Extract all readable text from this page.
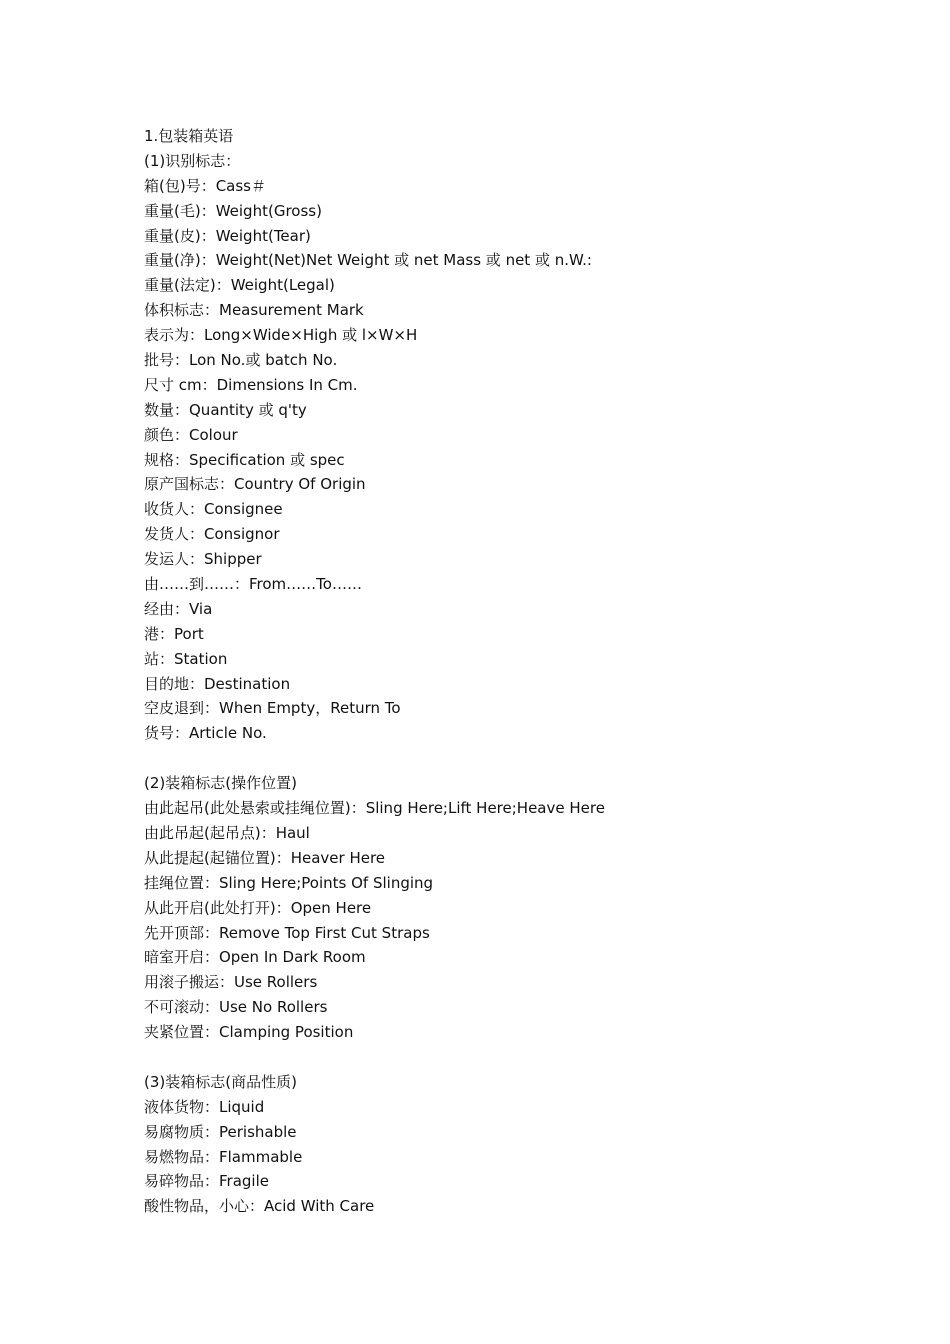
1.包装箱英语
(1)识别标志：
箱(包)号：Cass＃
重量(毛)：Weight(Gross)
重量(皮)：Weight(Tear)
重量(净)：Weight(Net)Net Weight 或 net Mass 或 net 或 n.W.:
重量(法定)：Weight(Legal)
体积标志：Measurement Mark
表示为：Long×Wide×High 或 l×W×H
批号：Lon No.或 batch No.
尺寸 cm：Dimensions In Cm.
数量：Quantity 或 q'ty
颜色：Colour
规格：Specification 或 spec
原产国标志：Country Of Origin
收货人：Consignee
发货人：Consignor
发运人：Shipper
由……到……：From……To……
经由：Via
港：Port
站：Station
目的地：Destination
空皮退到：When Empty，Return To
货号：Article No.
(2)装箱标志(操作位置)
由此起吊(此处悬索或挂绳位置)：Sling Here;Lift Here;Heave Here
由此吊起(起吊点)：Haul
从此提起(起锚位置)：Heaver Here
挂绳位置：Sling Here;Points Of Slinging
从此开启(此处打开)：Open Here
先开顶部：Remove Top First Cut Straps
暗室开启：Open In Dark Room
用滚子搬运：Use Rollers
不可滚动：Use No Rollers
夹紧位置：Clamping Position
(3)装箱标志(商品性质)
液体货物：Liquid
易腐物质：Perishable
易燃物品：Flammable
易碎物品：Fragile
酸性物品，小心：Acid With Care
